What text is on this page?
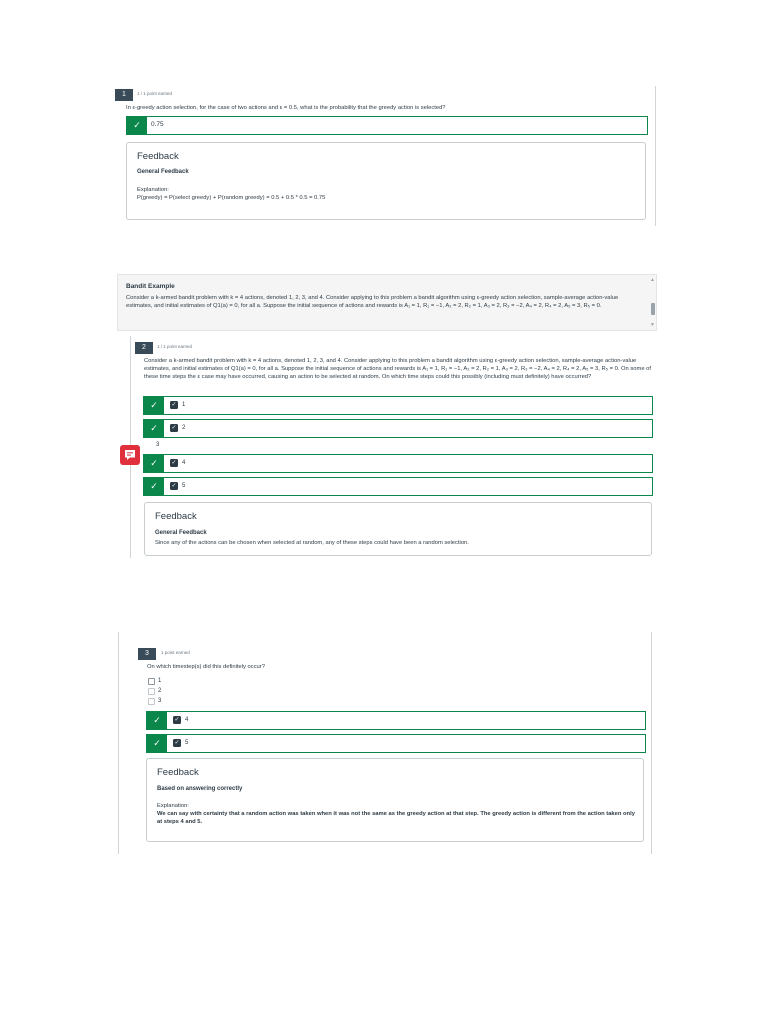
1	1 / 1 point earned
In ε-greedy action selection, for the case of two actions and ε = 0.5, what is the probability that the greedy action is selected?
✓	0.75
Feedback
General Feedback
Explanation:
P(greedy) = P(select greedy) + P(random greedy) = 0.5 + 0.5 * 0.5 = 0.75
Bandit Example
Consider a k-armed bandit problem with k = 4 actions, denoted 1, 2, 3, and 4. Consider applying to this problem a bandit algorithm using ε-greedy action selection, sample-average action-value estimates, and initial estimates of Q1(a) = 0, for all a. Suppose the initial sequence of actions and rewards is A₁ = 1, R₁ = −1, A₂ = 2, R₂ = 1, A₃ = 2, R₃ = −2, A₄ = 2, R₄ = 2, A₅ = 3, R₅ = 0.
▲
▼
2	1 / 1 point earned
Consider a k-armed bandit problem with k = 4 actions, denoted 1, 2, 3, and 4. Consider applying to this problem a bandit algorithm using ε-greedy action selection, sample-average action-value estimates, and initial estimates of Q1(a) = 0, for all a. Suppose the initial sequence of actions and rewards is A₁ = 1, R₁ = −1, A₂ = 2, R₂ = 1, A₃ = 2, R₃ = −2, A₄ = 2, R₄ = 2, A₅ = 3, R₅ = 0. On some of these time steps the ε case may have occurred, causing an action to be selected at random. On which time steps could this possibly (including must definitely) have occurred?
✓	✓ 1
✓	✓ 2
3
✓	✓ 4
✓	✓ 5
Feedback
General Feedback
Since any of the actions can be chosen when selected at random, any of these steps could have been a random selection.
3	1 point earned
On which timestep(s) did this definitely occur?
1
2
3
✓	✓ 4
✓	✓ 5
Feedback
Based on answering correctly
Explanation:
We can say with certainty that a random action was taken when it was not the same as the greedy action at that step. The greedy action is different from the action taken only at steps 4 and 5.
